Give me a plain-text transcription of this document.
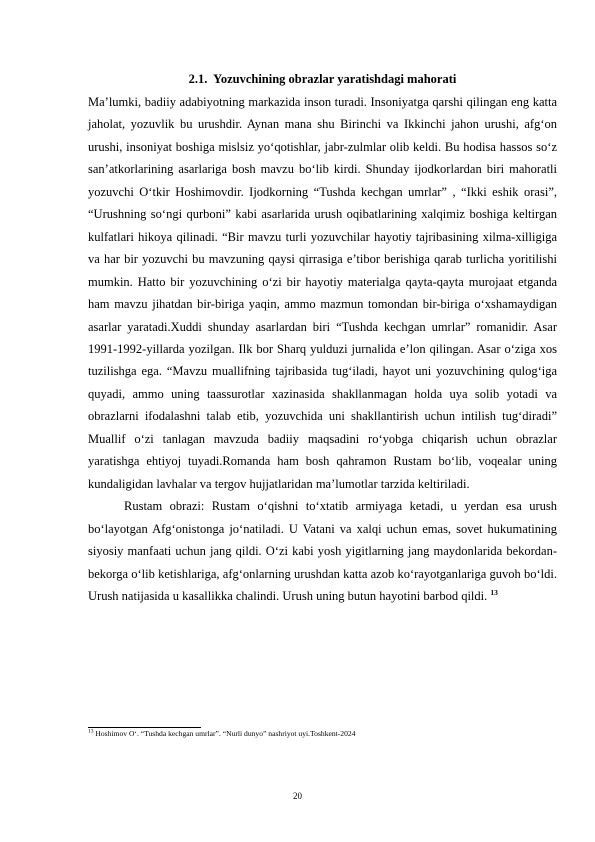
2.1. Yozuvchining obrazlar yaratishdagi mahorati

Ma’lumki, badiiy adabiyotning markazida inson turadi. Insoniyatga qarshi qilingan eng katta jaholat, yozuvlik bu urushdir. Aynan mana shu Birinchi va Ikkinchi jahon urushi, afg‘on urushi, insoniyat boshiga mislsiz yo‘qotishlar, jabr-zulmlar olib keldi. Bu hodisa hassos so‘z san’atkorlarining asarlariga bosh mavzu bo‘lib kirdi. Shunday ijodkorlardan biri mahoratli yozuvchi O‘tkir Hoshimovdir. Ijodkorning “Tushda kechgan umrlar” , “Ikki eshik orasi”, “Urushning so‘ngi qurboni” kabi asarlarida urush oqibatlarining xalqimiz boshiga keltirgan kulfatlari hikoya qilinadi. “Bir mavzu turli yozuvchilar hayotiy tajribasining xilma-xilligiga va har bir yozuvchi bu mavzuning qaysi qirrasiga e’tibor berishiga qarab turlicha yoritilishi mumkin. Hatto bir yozuvchining o‘zi bir hayotiy materialga qayta-qayta murojaat etganda ham mavzu jihatdan bir-biriga yaqin, ammo mazmun tomondan bir-biriga o‘xshamaydigan asarlar yaratadi.Xuddi shunday asarlardan biri “Tushda kechgan umrlar” romanidir. Asar 1991-1992-yillarda yozilgan. Ilk bor Sharq yulduzi jurnalida e’lon qilingan. Asar o‘ziga xos tuzilishga ega. “Mavzu muallifning tajribasida tug‘iladi, hayot uni yozuvchining qulog‘iga quyadi, ammo uning taassurotlar xazinasida shakllanmagan holda uya solib yotadi va obrazlarni ifodalashni talab etib, yozuvchida uni shakllantirish uchun intilish tug‘diradi” Muallif o‘zi tanlagan mavzuda badiiy maqsadini ro‘yobga chiqarish uchun obrazlar yaratishga ehtiyoj tuyadi.Romanda ham bosh qahramon Rustam bo‘lib, voqealar uning kundaligidan lavhalar va tergov hujjatlaridan ma’lumotlar tarzida keltiriladi.

Rustam obrazi: Rustam o‘qishni to‘xtatib armiyaga ketadi, u yerdan esa urush bo‘layotgan Afg‘onistonga jo‘natiladi. U Vatani va xalqi uchun emas, sovet hukumatining siyosiy manfaati uchun jang qildi. O‘zi kabi yosh yigitlarning jang maydonlarida bekordan-bekorga o‘lib ketishlariga, afg‘onlarning urushdan katta azob ko‘rayotganlariga guvoh bo‘ldi. Urush natijasida u kasallikka chalindi. Urush uning butun hayotini barbod qildi. $^{13}$

$^{13}$ Hoshimov O‘. “Tushda kechgan umrlar”. “Nurli dunyo” nashriyot uyi.Toshkent-2024
20
